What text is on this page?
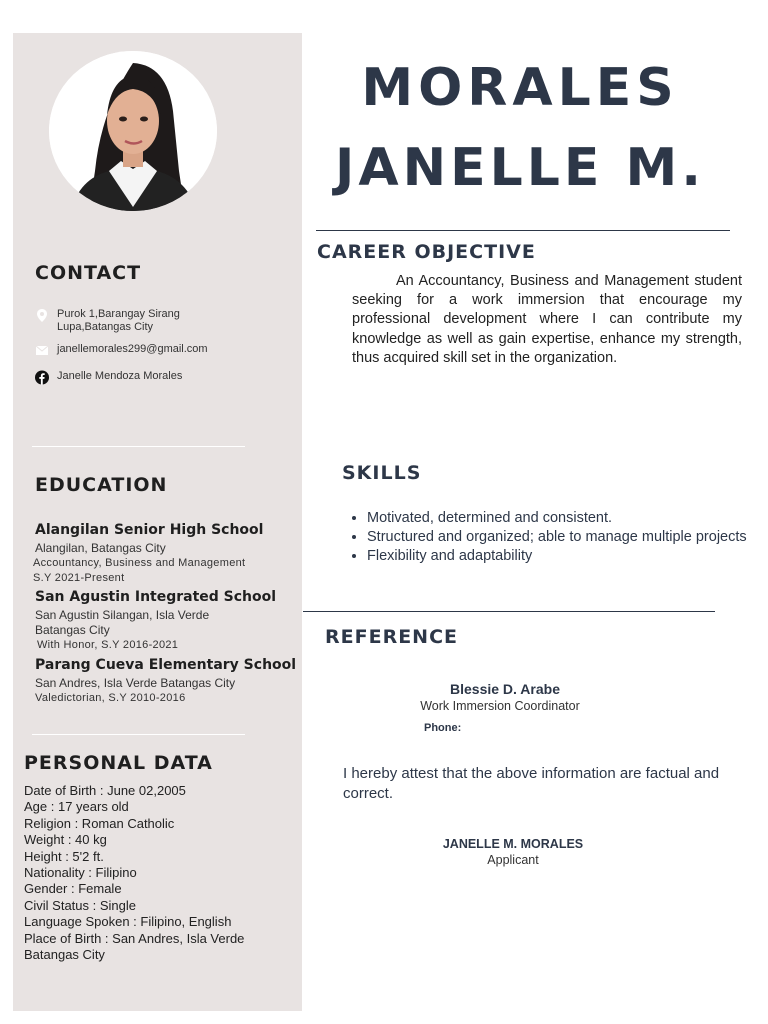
CONTACT
Purok 1,Barangay Sirang Lupa,Batangas City
janellemorales299@gmail.com
Janelle Mendoza Morales
EDUCATION

Alangilan Senior High School

Alangilan, Batangas City

Accountancy, Business and Management

S.Y 2021-Present

San Agustin Integrated School

San Agustin Silangan, Isla Verde

Batangas City

With Honor, S.Y 2016-2021

Parang Cueva Elementary School

San Andres, Isla Verde Batangas City

Valedictorian, S.Y 2010-2016

PERSONAL DATA
Date of Birth : June 02,2005
Age : 17 years old
Religion : Roman Catholic
Weight : 40 kg
Height : 5'2 ft.
Nationality : Filipino
Gender : Female
Civil Status : Single
Language Spoken : Filipino, English
Place of Birth : San Andres, Isla Verde
Batangas City
MORALES
JANELLE M.
CAREER OBJECTIVE

An Accountancy, Business and Management student seeking for a work immersion that encourage my professional development where I can contribute my knowledge as well as gain expertise, enhance my strength, thus acquired skill set in the organization.

SKILLS
• Motivated, determined and consistent.
• Structured and organized; able to manage multiple projects
• Flexibility and adaptability
REFERENCE
Blessie D. Arabe
Work Immersion Coordinator
Phone:

I hereby attest that the above information are factual and correct.

JANELLE M. MORALES
Applicant
